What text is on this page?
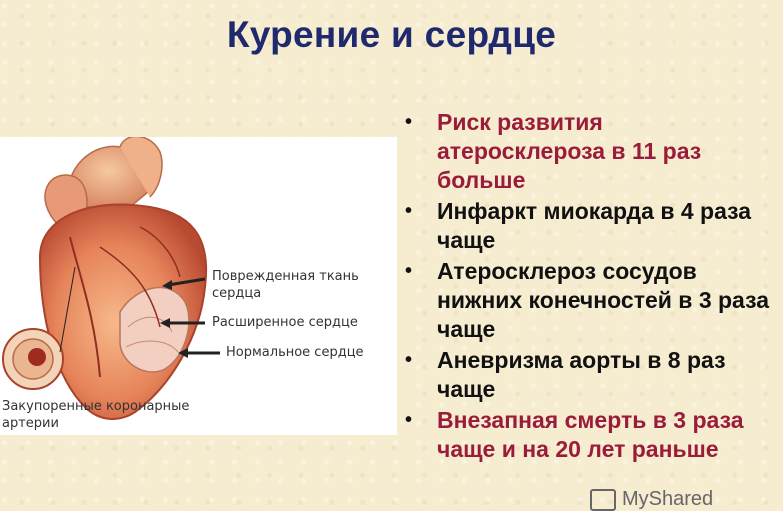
Курение и сердце
Поврежденная ткань
сердца
Расширенное сердце
Нормальное сердце
Закупоренные коронарные
артерии
• Риск развития атеросклероза в 11 раз больше
• Инфаркт миокарда в 4 раза чаще
• Атеросклероз сосудов нижних конечностей в 3 раза чаще
• Аневризма аорты в 8 раз чаще
• Внезапная смерть в 3 раза чаще и на 20 лет раньше
MyShared
